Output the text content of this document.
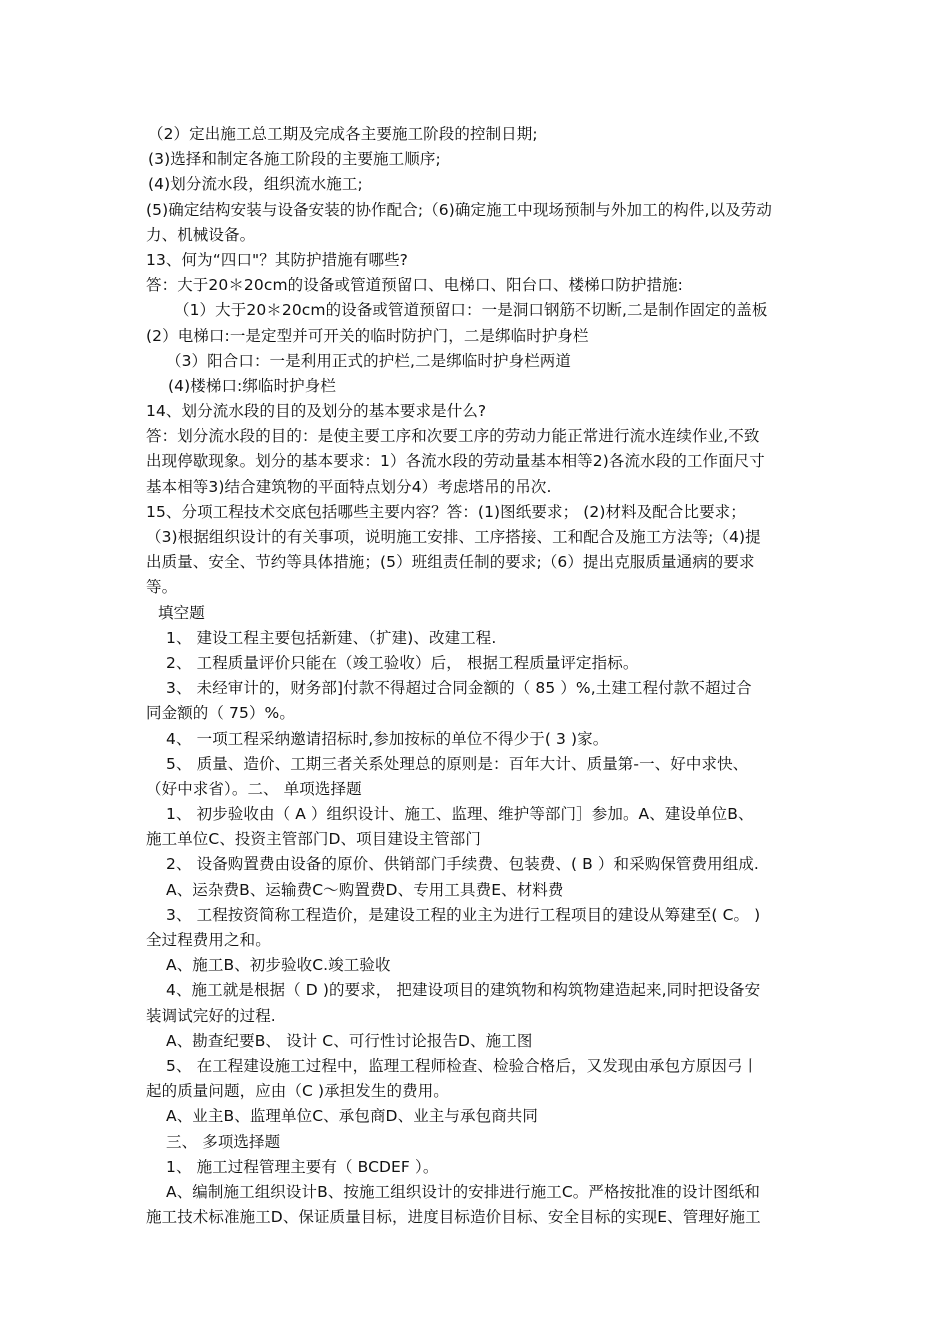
（2）定出施工总工期及完成各主要施工阶段的控制日期;
(3)选择和制定各施工阶段的主要施工顺序;
(4)划分流水段，组织流水施工;
(5)确定结构安装与设备安装的协作配合;（6)确定施工中现场预制与外加工的构件,以及劳动
力、机械设备。
13、何为“四口"？其防护措施有哪些?
答：大于20＊20cm的设备或管道预留口、电梯口、阳台口、楼梯口防护措施:
（1）大于20＊20cm的设备或管道预留口：一是洞口钢筋不切断,二是制作固定的盖板
(2）电梯口:一是定型并可开关的临时防护门，二是绑临时护身栏
（3）阳合口：一是利用正式的护栏,二是绑临时护身栏两道
(4)楼梯口:绑临时护身栏
14、划分流水段的目的及划分的基本要求是什么?
答：划分流水段的目的：是使主要工序和次要工序的劳动力能正常进行流水连续作业,不致
出现停歇现象。划分的基本要求：1）各流水段的劳动量基本相等2)各流水段的工作面尺寸
基本相等3)结合建筑物的平面特点划分4）考虑塔吊的吊次.
15、分项工程技术交底包括哪些主要内容？答：(1)图纸要求； (2)材料及配合比要求；
（3)根据组织设计的有关事项，说明施工安排、工序搭接、工和配合及施工方法等;（4)提
出质量、安全、节约等具体措施；(5）班组责任制的要求;（6）提出克服质量通病的要求
等。
填空题
1、 建设工程主要包括新建、（扩建)、改建工程.
2、 工程质量评价只能在（竣工验收）后， 根据工程质量评定指标。
3、 未经审计的，财务部]付款不得超过合同金额的（ 85 ）%,土建工程付款不超过合
同金额的（ 75）%。
4、 一项工程采纳邀请招标时,参加按标的单位不得少于( 3 )家。
5、 质量、造价、工期三者关系处理总的原则是：百年大计、质量第-一、好中求快、
（好中求省）。二、 单项选择题
1、 初步验收由（ A ）组织设计、施工、监理、维护等部门］参加。A、建设单位B、
施工单位C、投资主管部门D、项目建设主管部门
2、 设备购置费由设备的原价、供销部门手续费、包装费、( B ）和采购保管费用组成.
A、运杂费B、运输费C～购置费D、专用工具费E、材料费
3、 工程按资简称工程造价，是建设工程的业主为进行工程项目的建设从筹建至( C。 )
全过程费用之和。
A、施工B、初步验收C.竣工验收
4、施工就是根据（ D )的要求， 把建设项目的建筑物和构筑物建造起来,同时把设备安
装调试完好的过程.
A、勘查纪要B、 设计 C、可行性讨论报告D、施工图
5、 在工程建设施工过程中，监理工程师检查、检验合格后，又发现由承包方原因弓丨
起的质量问题，应由（C )承担发生的费用。
A、业主B、监理单位C、承包商D、业主与承包商共同
三、 多项选择题
1、 施工过程管理主要有（ BCDEF ）。
A、编制施工组织设计B、按施工组织设计的安排进行施工C。严格按批准的设计图纸和
施工技术标准施工D、保证质量目标，进度目标造价目标、安全目标的实现E、管理好施工
